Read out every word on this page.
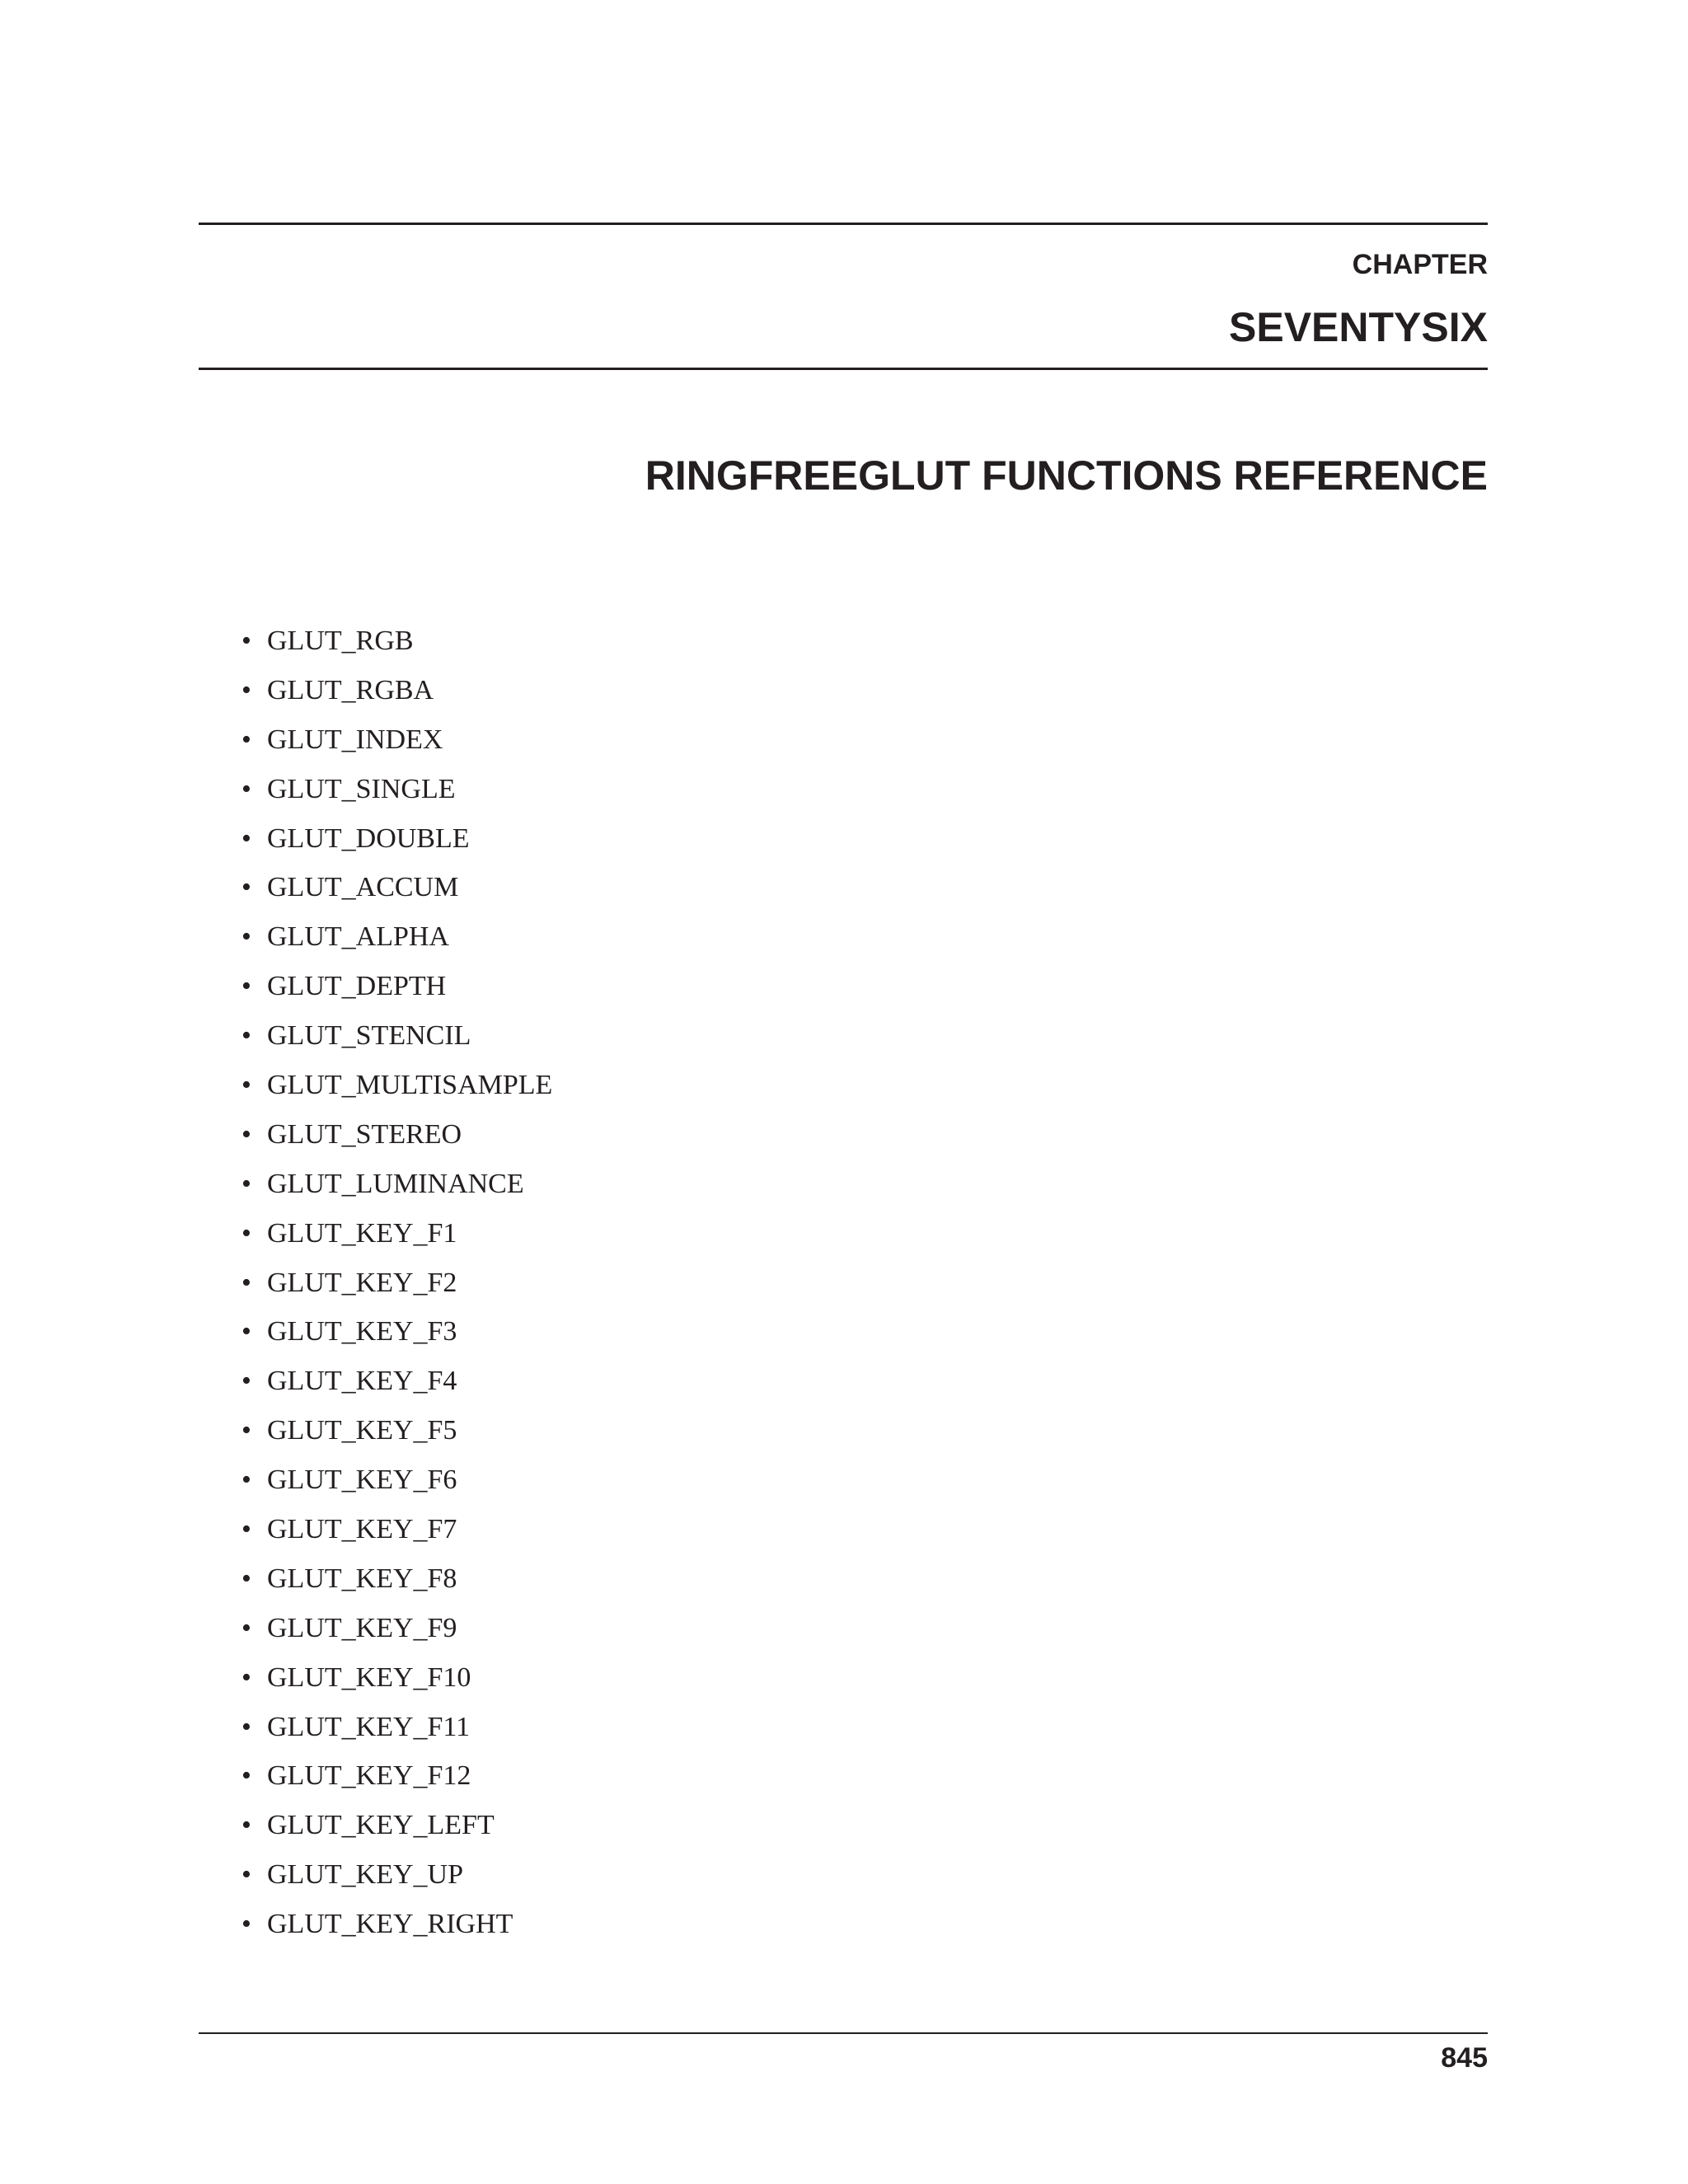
CHAPTER
SEVENTYSIX
RINGFREEGLUT FUNCTIONS REFERENCE
• GLUT_RGB
• GLUT_RGBA
• GLUT_INDEX
• GLUT_SINGLE
• GLUT_DOUBLE
• GLUT_ACCUM
• GLUT_ALPHA
• GLUT_DEPTH
• GLUT_STENCIL
• GLUT_MULTISAMPLE
• GLUT_STEREO
• GLUT_LUMINANCE
• GLUT_KEY_F1
• GLUT_KEY_F2
• GLUT_KEY_F3
• GLUT_KEY_F4
• GLUT_KEY_F5
• GLUT_KEY_F6
• GLUT_KEY_F7
• GLUT_KEY_F8
• GLUT_KEY_F9
• GLUT_KEY_F10
• GLUT_KEY_F11
• GLUT_KEY_F12
• GLUT_KEY_LEFT
• GLUT_KEY_UP
• GLUT_KEY_RIGHT
845
